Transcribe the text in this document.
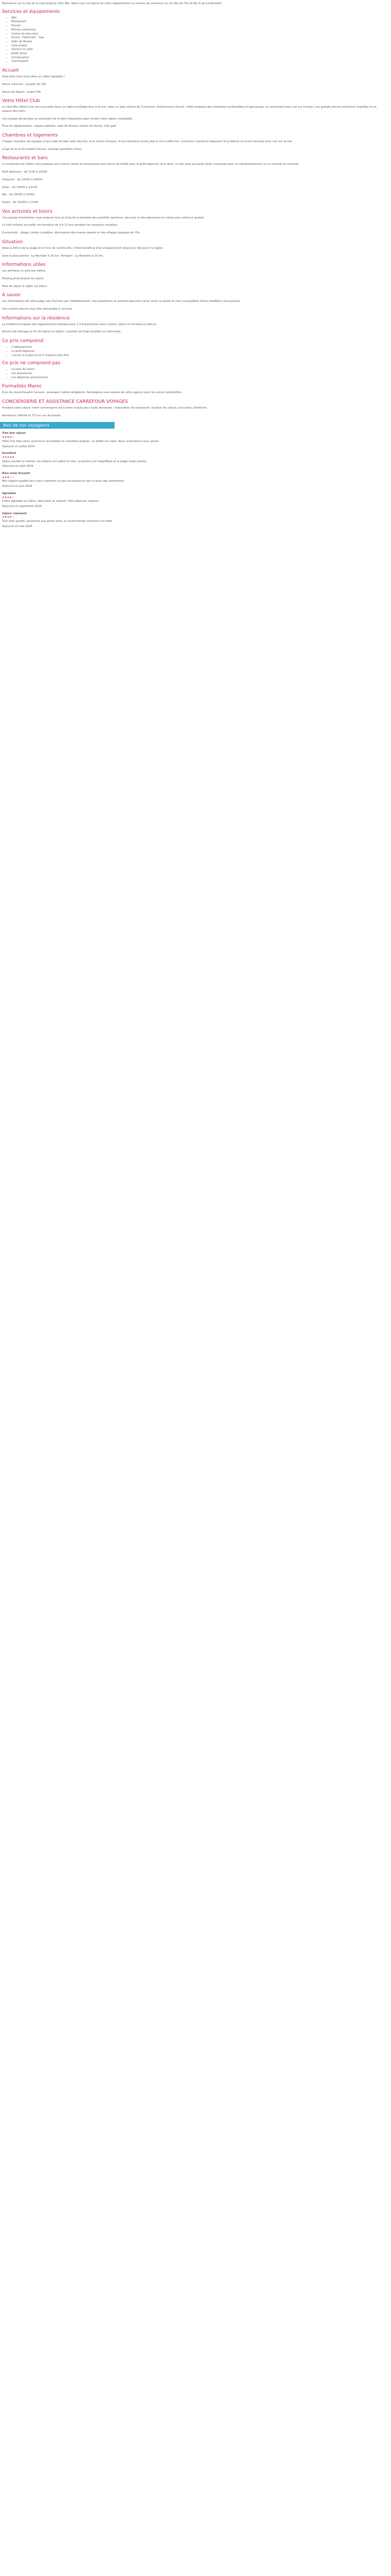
Bienvenue sur le site de la Conciergerie Côté Mer. Nous nous occupons de votre appartement ou maison de vacances sur la côte de l'Ile de Ré et de La Rochelle.

Services et équipements
• Wifi
• Restaurant
• Piscine
• Piscine extérieure
• Centre de bien-être
• Sauna - Hammam - Spa
• Salle de fitness
• Club enfant
• Service en salle
• Jardin privé
• Climatisation
• Conciergerie
Accueil

Vous êtes chez vous dans un cadre agréable !

Heure d'arrivée : à partir de 15h

Heure de départ : avant 10h

Votre Hôtel Club

Le Côté Mer Hôtel Club vous accueille dans un cadre privilégié face à la mer, dans un parc arboré de 3 hectares. Entièrement rénové, l'hôtel propose des chambres confortables et spacieuses, un restaurant avec vue sur l'océan, une grande piscine extérieure chauffée et un espace bien-être.

Une équipe dynamique et souriante est à votre disposition pour rendre votre séjour inoubliable.

Tous les équipements : espace détente, salle de fitness, terrain de tennis, mini-golf.

Chambres et logements

Chaque chambre est équipée d'une salle de bain avec douche, d'un sèche-cheveux, d'une télévision écran plat et d'un coffre-fort. Certaines chambres disposent d'un balcon ou d'une terrasse avec vue sur la mer.

Linge de lit et de toilette fournis, ménage quotidien inclus.

Restaurants et bars

Le restaurant de l'hôtel vous propose une cuisine variée et savoureuse sous forme de buffet pour le petit-déjeuner et le dîner. Le bar vous accueille toute la journée pour un rafraîchissement ou un cocktail en terrasse.

Petit-déjeuner : de 7h30 à 10h00

Déjeuner : de 12h00 à 14h00

Dîner : de 19h00 à 21h30

Bar : de 10h00 à 23h00

Snack : de 12h00 à 17h00

Vos activités et loisirs

Une équipe d'animation vous propose tout au long de la semaine des activités sportives, des jeux et des spectacles en soirée pour petits et grands.

Le club enfants accueille vos bambins de 4 à 12 ans pendant les vacances scolaires.

À proximité : plages, pistes cyclables, découverte des marais salants et des villages typiques de l'île.

Situation

Situé à 200 m de la plage et à 5 km du centre-ville, l'hôtel bénéficie d'un emplacement idéal pour découvrir la région.

Gare la plus proche : La Rochelle à 20 km. Aéroport : La Rochelle à 25 km.

Informations utiles

Les animaux ne sont pas admis.

Parking privé gratuit sur place.

Taxe de séjour à régler sur place.

À savoir

Les informations de cette page sont fournies par l'établissement. Les prestations et activités peuvent varier selon la saison et sont susceptibles d'être modifiées sans préavis.

Une caution pourra vous être demandée à l'arrivée.

Informations sur la résidence

La résidence propose des appartements équipés pour 2 à 6 personnes avec cuisine, séjour et terrasse ou balcon.

Service de ménage en fin de séjour en option. Location de linge possible sur demande.

Ce prix comprend
• L'hébergement
• Le petit-déjeuner
• L'accès à la piscine et à l'espace bien-être
Ce prix ne comprend pas
• La taxe de séjour
• Les assurances
• Les dépenses personnelles
Formalités Maroc

Pour les ressortissants français : passeport valide obligatoire. Renseignez-vous auprès de votre agence pour les autres nationalités.

CONCIERGERIE ET ASSISTANCE CARREFOUR VOYAGES

Pendant votre séjour, notre conciergerie est à votre écoute pour toute demande : réservation de restaurant, location de voiture, excursion, billetterie.

Assistance 24h/24 et 7j/7 en cas de besoin.

Avis de nos voyageurs

Très bon séjour

★★★★☆

Hôtel très bien situé, personnel accueillant et chambres propres. Le buffet est varié. Nous reviendrons avec plaisir.

Séjourné en juillet 2024

Excellent

★★★★★

Séjour parfait en famille, les enfants ont adoré le club. La piscine est magnifique et la plage toute proche.

Séjourné en août 2024

Bien mais bruyant

★★★☆☆

Bon rapport qualité-prix mais chambres un peu bruyantes le soir à cause des animations.

Séjourné en juin 2024

Agréable

★★★★☆

Cadre agréable et calme, idéal pour se reposer. Petit-déjeuner copieux.

Séjourné en septembre 2024

Séjour reposant

★★★★☆

Tout était parfait, personnel aux petits soins. Je recommande vivement cet hôtel.

Séjourné en mai 2024
